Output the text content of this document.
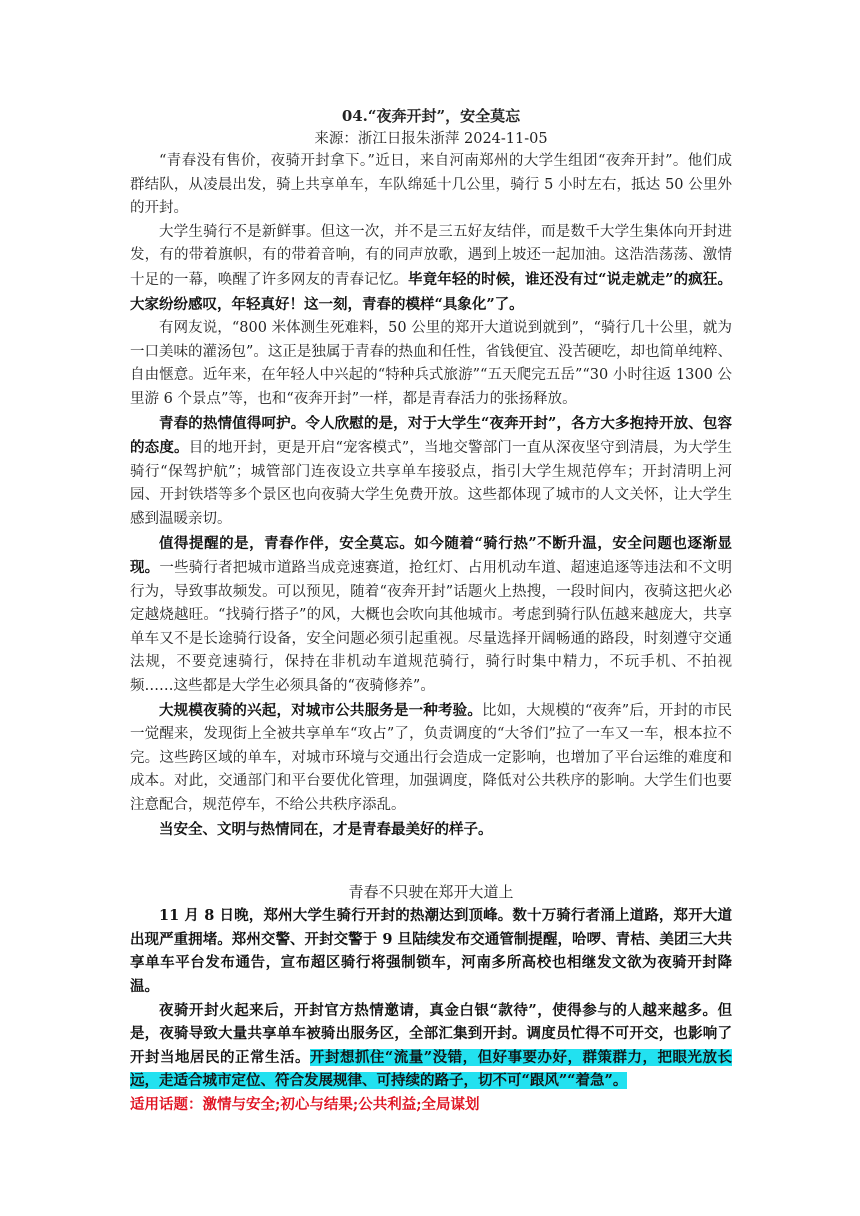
04.“夜奔开封”，安全莫忘

来源：浙江日报朱浙萍 2024-11-05

“青春没有售价，夜骑开封拿下。”近日，来自河南郑州的大学生组团“夜奔开封”。他们成群结队，从凌晨出发，骑上共享单车，车队绵延十几公里，骑行 5 小时左右，抵达 50 公里外的开封。

大学生骑行不是新鲜事。但这一次，并不是三五好友结伴，而是数千大学生集体向开封进发，有的带着旗帜，有的带着音响，有的同声放歌，遇到上坡还一起加油。这浩浩荡荡、激情十足的一幕，唤醒了许多网友的青春记忆。毕竟年轻的时候，谁还没有过“说走就走”的疯狂。大家纷纷感叹，年轻真好！这一刻，青春的模样“具象化”了。

有网友说，“800 米体测生死难料，50 公里的郑开大道说到就到”，“骑行几十公里，就为一口美味的灌汤包”。这正是独属于青春的热血和任性，省钱便宜、没苦硬吃，却也简单纯粹、自由惬意。近年来，在年轻人中兴起的“特种兵式旅游”“五天爬完五岳”“30 小时往返 1300 公里游 6 个景点”等，也和“夜奔开封”一样，都是青春活力的张扬释放。

青春的热情值得呵护。令人欣慰的是，对于大学生“夜奔开封”，各方大多抱持开放、包容的态度。目的地开封，更是开启“宠客模式”，当地交警部门一直从深夜坚守到清晨，为大学生骑行“保驾护航”；城管部门连夜设立共享单车接驳点，指引大学生规范停车；开封清明上河园、开封铁塔等多个景区也向夜骑大学生免费开放。这些都体现了城市的人文关怀，让大学生感到温暖亲切。

值得提醒的是，青春作伴，安全莫忘。如今随着“骑行热”不断升温，安全问题也逐渐显现。一些骑行者把城市道路当成竞速赛道，抢红灯、占用机动车道、超速追逐等违法和不文明行为，导致事故频发。可以预见，随着“夜奔开封”话题火上热搜，一段时间内，夜骑这把火必定越烧越旺。“找骑行搭子”的风，大概也会吹向其他城市。考虑到骑行队伍越来越庞大，共享单车又不是长途骑行设备，安全问题必须引起重视。尽量选择开阔畅通的路段，时刻遵守交通法规，不要竞速骑行，保持在非机动车道规范骑行，骑行时集中精力，不玩手机、不拍视频……这些都是大学生必须具备的“夜骑修养”。

大规模夜骑的兴起，对城市公共服务是一种考验。比如，大规模的“夜奔”后，开封的市民一觉醒来，发现街上全被共享单车“攻占”了，负责调度的“大爷们”拉了一车又一车，根本拉不完。这些跨区域的单车，对城市环境与交通出行会造成一定影响，也增加了平台运维的难度和成本。对此，交通部门和平台要优化管理，加强调度，降低对公共秩序的影响。大学生们也要注意配合，规范停车，不给公共秩序添乱。

当安全、文明与热情同在，才是青春最美好的样子。

青春不只驶在郑开大道上

11 月 8 日晚，郑州大学生骑行开封的热潮达到顶峰。数十万骑行者涌上道路，郑开大道出现严重拥堵。郑州交警、开封交警于 9 旦陆续发布交通管制提醒，哈啰、青桔、美团三大共享单车平台发布通告，宣布超区骑行将强制锁车，河南多所高校也相继发文欲为夜骑开封降温。

夜骑开封火起来后，开封官方热情邀请，真金白银“款待”，使得参与的人越来越多。但是，夜骑导致大量共享单车被骑出服务区，全部汇集到开封。调度员忙得不可开交，也影响了开封当地居民的正常生活。开封想抓住“流量”没错，但好事要办好，群策群力，把眼光放长远，走适合城市定位、符合发展规律、可持续的路子，切不可“跟风”“着急”。

适用话题：激情与安全;初心与结果;公共利益;全局谋划
